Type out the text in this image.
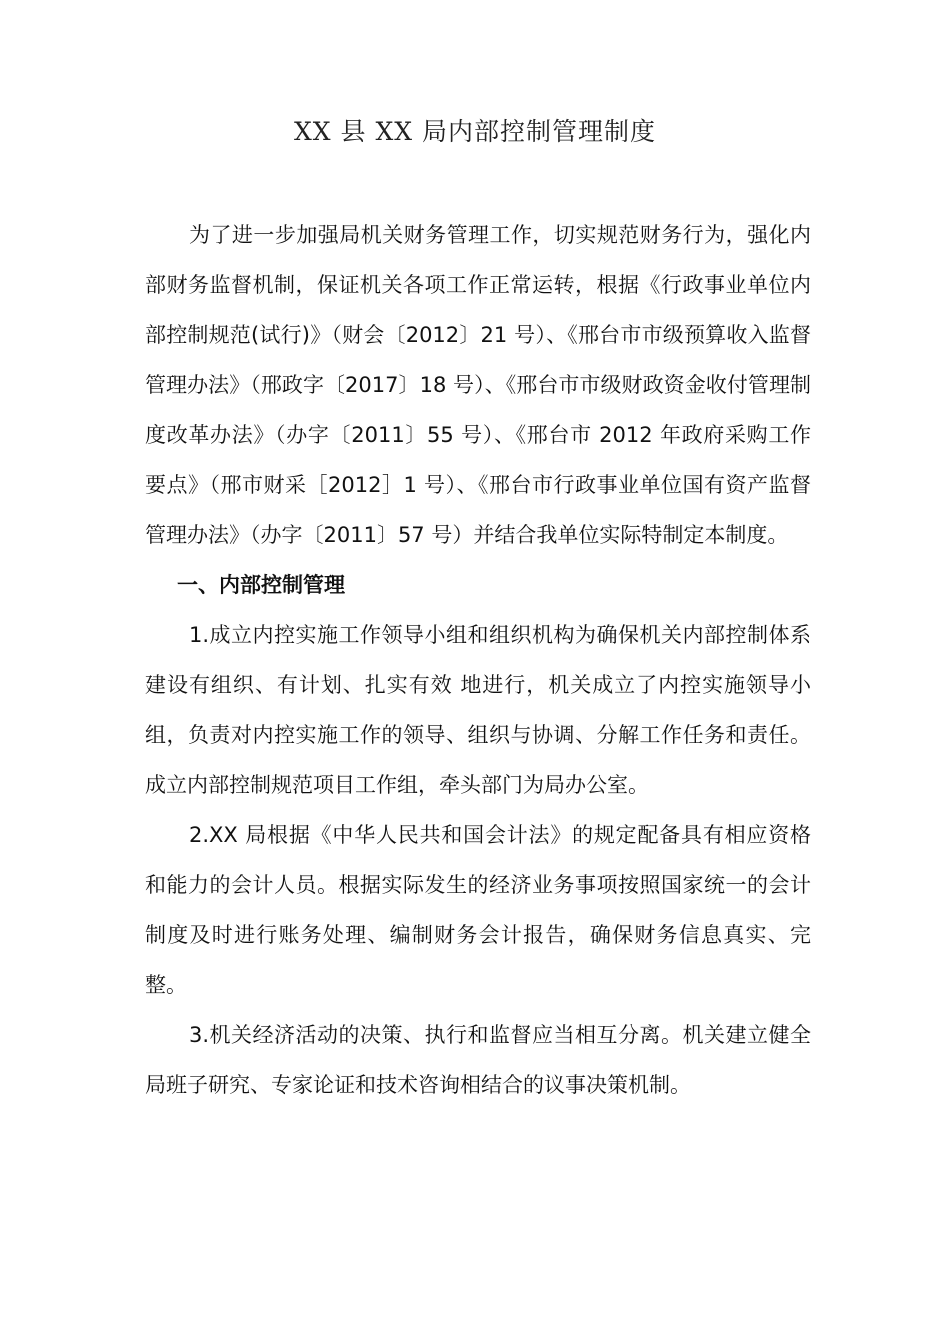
XX 县 XX 局内部控制管理制度

为了进一步加强局机关财务管理工作，切实规范财务行为，强化内部财务监督机制，保证机关各项工作正常运转，根据《行政事业单位内部控制规范(试行)》（财会〔2012〕21 号）、《邢台市市级预算收入监督管理办法》（邢政字〔2017〕18 号）、《邢台市市级财政资金收付管理制度改革办法》（办字〔2011〕55 号）、《邢台市 2012 年政府采购工作要点》（邢市财采［2012］1 号）、《邢台市行政事业单位国有资产监督管理办法》（办字〔2011〕57 号）并结合我单位实际特制定本制度。

一、内部控制管理

1.成立内控实施工作领导小组和组织机构为确保机关内部控制体系建设有组织、有计划、扎实有效 地进行，机关成立了内控实施领导小组，负责对内控实施工作的领导、组织与协调、分解工作任务和责任。成立内部控制规范项目工作组，牵头部门为局办公室。

2.XX 局根据《中华人民共和国会计法》的规定配备具有相应资格和能力的会计人员。根据实际发生的经济业务事项按照国家统一的会计制度及时进行账务处理、编制财务会计报告，确保财务信息真实、完整。

3.机关经济活动的决策、执行和监督应当相互分离。机关建立健全局班子研究、专家论证和技术咨询相结合的议事决策机制。
